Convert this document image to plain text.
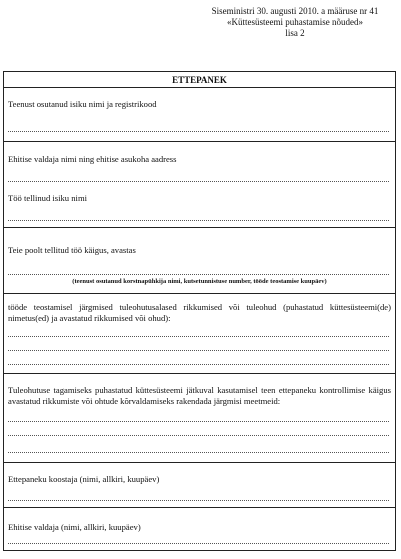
Siseministri 30. augusti 2010. a määruse nr 41
«Küttesüsteemi puhastamise nõuded»
lisa 2
ETTEPANEK
Teenust osutanud isiku nimi ja registrikood
Ehitise valdaja nimi ning ehitise asukoha aadress
Töö tellinud isiku nimi
Teie poolt tellitud töö käigus, avastas
(teenust osutanud korstnapühkija nimi, kutsetunnistuse number, tööde teostamise kuupäev)
tööde teostamisel järgmised tuleohutusalased rikkumised või tuleohud (puhastatud küttesüsteemi(de) nimetus(ed) ja avastatud rikkumised või ohud):
Tuleohutuse tagamiseks puhastatud küttesüsteemi jätkuval kasutamisel teen ettepaneku kontrollimise käigus avastatud rikkumiste või ohtude kõrvaldamiseks rakendada järgmisi meetmeid:
Ettepaneku koostaja (nimi, allkiri, kuupäev)
Ehitise valdaja (nimi, allkiri, kuupäev)
